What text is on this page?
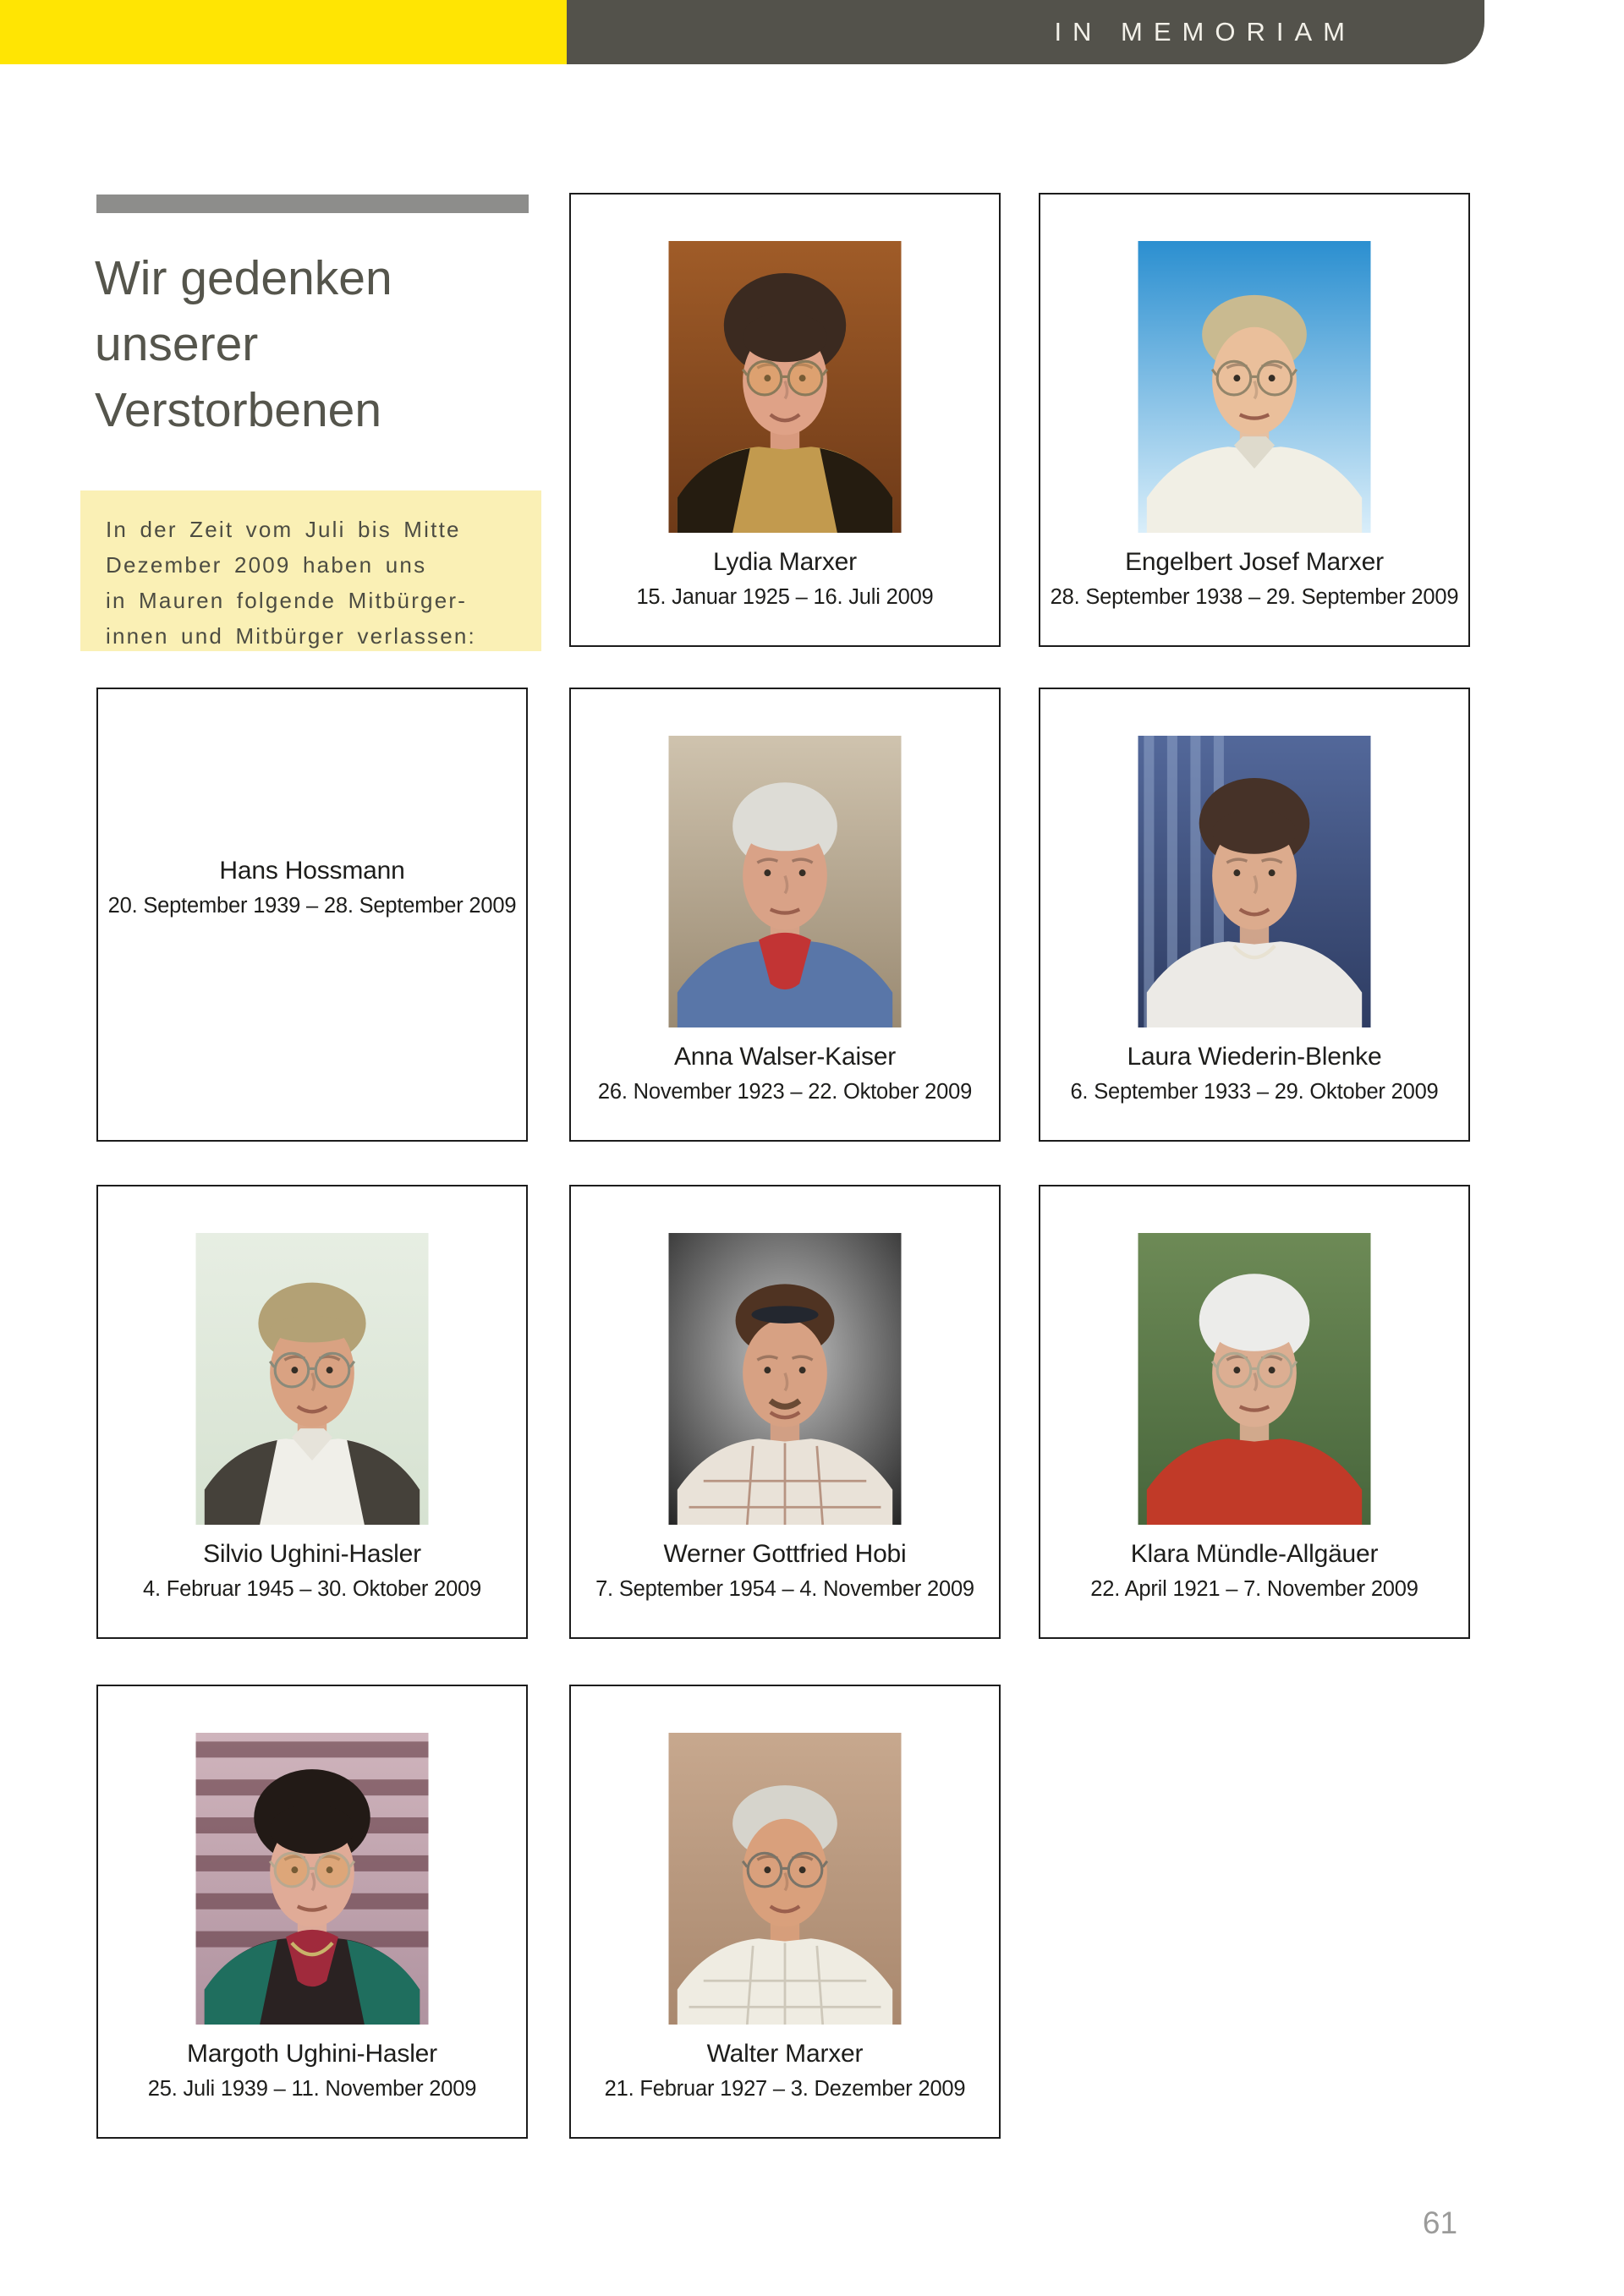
IN MEMORIAM
Wir gedenken
unserer
Verstorbenen
In der Zeit vom Juli bis Mitte
Dezember 2009 haben uns
in Mauren folgende Mitbürger-
innen und Mitbürger verlassen:
Lydia Marxer
15. Januar 1925 – 16. Juli 2009
Engelbert Josef Marxer
28. September 1938 – 29. September 2009
Hans Hossmann
20. September 1939 – 28. September 2009
Anna Walser-Kaiser
26. November 1923 – 22. Oktober 2009
Laura Wiederin-Blenke
6. September 1933 – 29. Oktober 2009
Silvio Ughini-Hasler
4. Februar 1945 – 30. Oktober 2009
Werner Gottfried Hobi
7. September 1954 – 4. November 2009
Klara Mündle-Allgäuer
22. April 1921 – 7. November 2009
Margoth Ughini-Hasler
25. Juli 1939 – 11. November 2009
Walter Marxer
21. Februar 1927 – 3. Dezember 2009
61
